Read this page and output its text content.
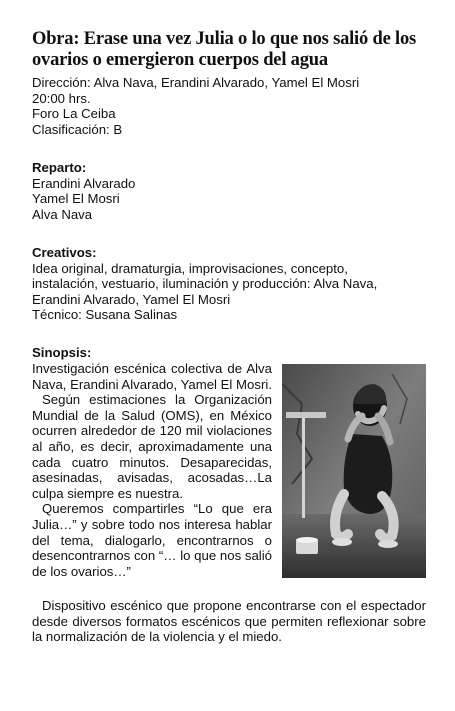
Obra: Erase una vez Julia o lo que nos salió de los ovarios o emergieron cuerpos del agua
Dirección: Alva Nava, Erandini Alvarado, Yamel El Mosri
20:00 hrs.
Foro La Ceiba
Clasificación: B
Reparto:
Erandini Alvarado
Yamel El Mosri
Alva Nava
Creativos:
Idea original, dramaturgia, improvisaciones, concepto, instalación, vestuario, iluminación y producción: Alva Nava, Erandini Alvarado, Yamel El Mosri
Técnico: Susana Salinas
Sinopsis:

Investigación escénica colectiva de Alva Nava, Erandini Alvarado, Yamel El Mosri.

Según estimaciones la Organización Mundial de la Salud (OMS), en México ocurren alrededor de 120 mil violaciones al año, es decir, aproximadamente una cada cuatro minutos. Desaparecidas, asesinadas, avisadas, acosadas…La culpa siempre es nuestra.

Queremos compartirles “Lo que era Julia…” y sobre todo nos interesa hablar del tema, dialogarlo, encontrarnos o desencontrarnos con “… lo que nos salió de los ovarios…”

Dispositivo escénico que propone encontrarse con el espectador desde diversos formatos escénicos que permiten reflexionar sobre la normalización de la violencia y el miedo.
